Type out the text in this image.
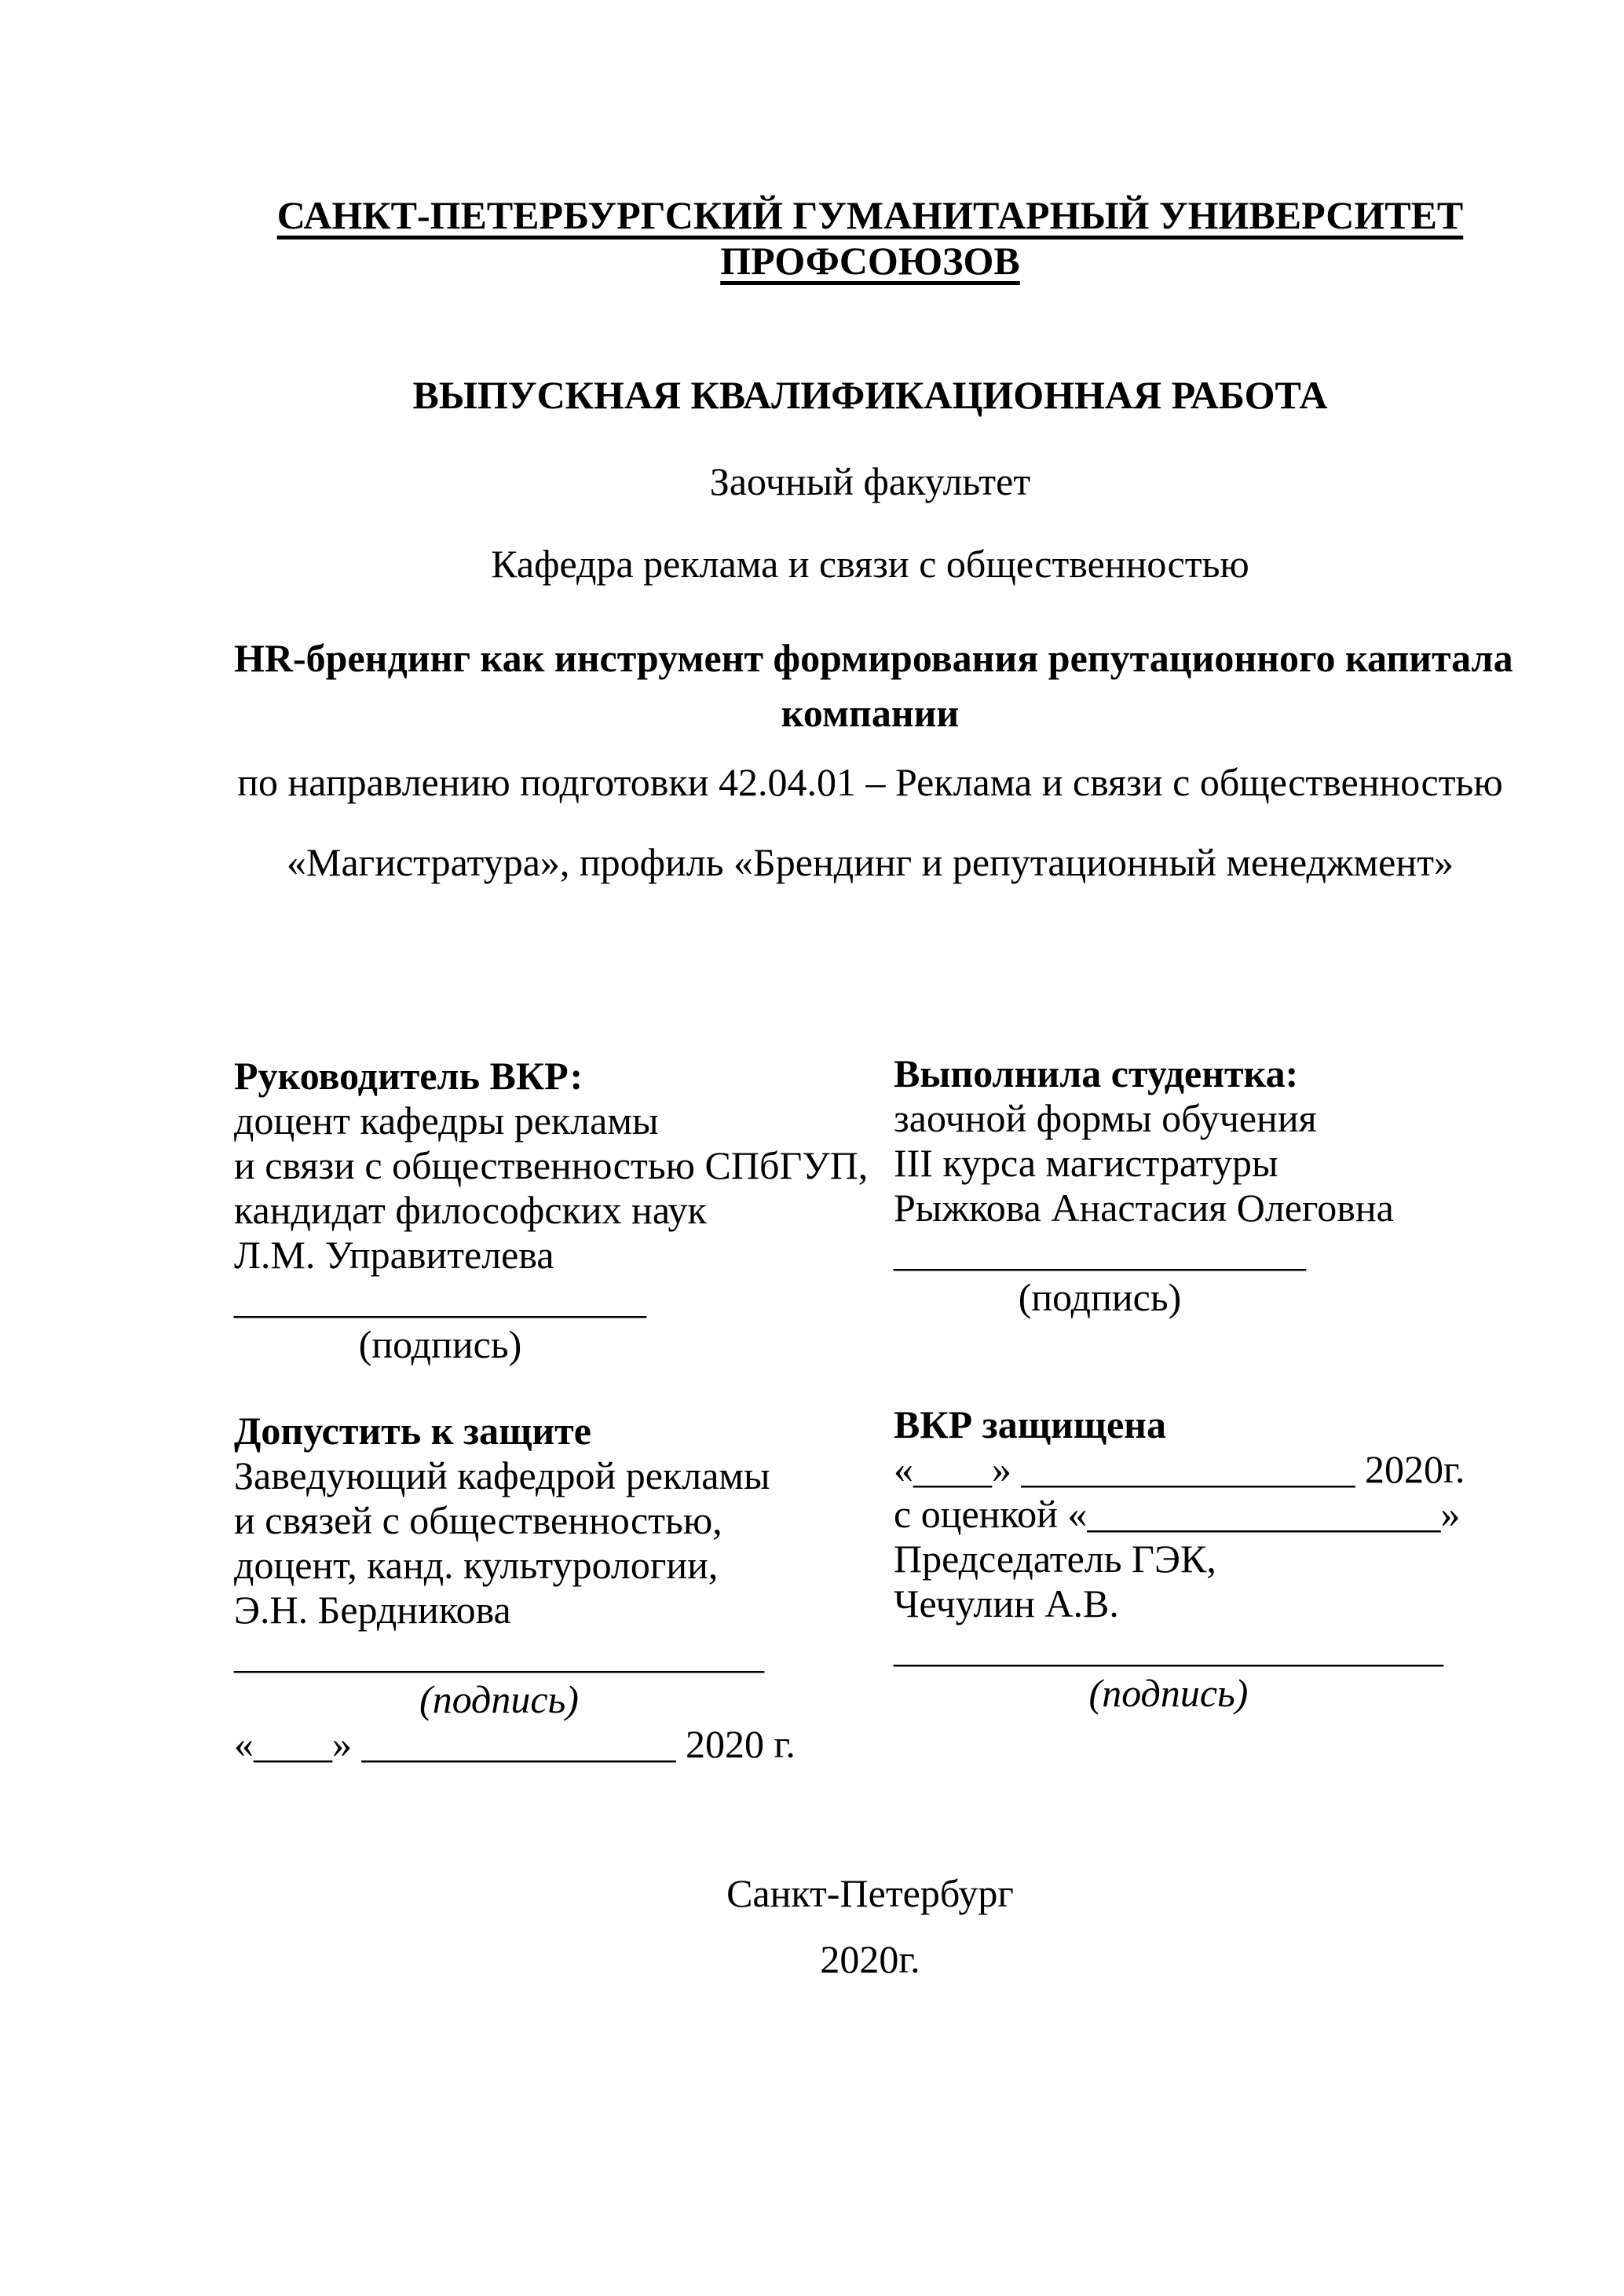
САНКТ-ПЕТЕРБУРГСКИЙ ГУМАНИТАРНЫЙ УНИВЕРСИТЕТ
ПРОФСОЮЗОВ
ВЫПУСКНАЯ КВАЛИФИКАЦИОННАЯ РАБОТА
Заочный факультет
Кафедра реклама и связи с общественностью
HR-брендинг как инструмент формирования репутационного капитала
компании
по направлению подготовки 42.04.01 – Реклама и связи с общественностью
«Магистратура», профиль «Брендинг и репутационный менеджмент»
Руководитель ВКР:
доцент кафедры рекламы
и связи с общественностью СПбГУП,
кандидат философских наук
Л.М. Управителева
_____________________
(подпись)
Выполнила студентка:
заочной формы обучения
III курса магистратуры
Рыжкова Анастасия Олеговна
_____________________
(подпись)
Допустить к защите
Заведующий кафедрой рекламы
и связей с общественностью,
доцент, канд. культурологии,
Э.Н. Бердникова
___________________________
(подпись)
«____» ________________ 2020 г.
ВКР защищена
«____» _________________ 2020г.
с оценкой «__________________»
Председатель ГЭК,
Чечулин А.В.
____________________________
(подпись)
Санкт-Петербург
2020г.
